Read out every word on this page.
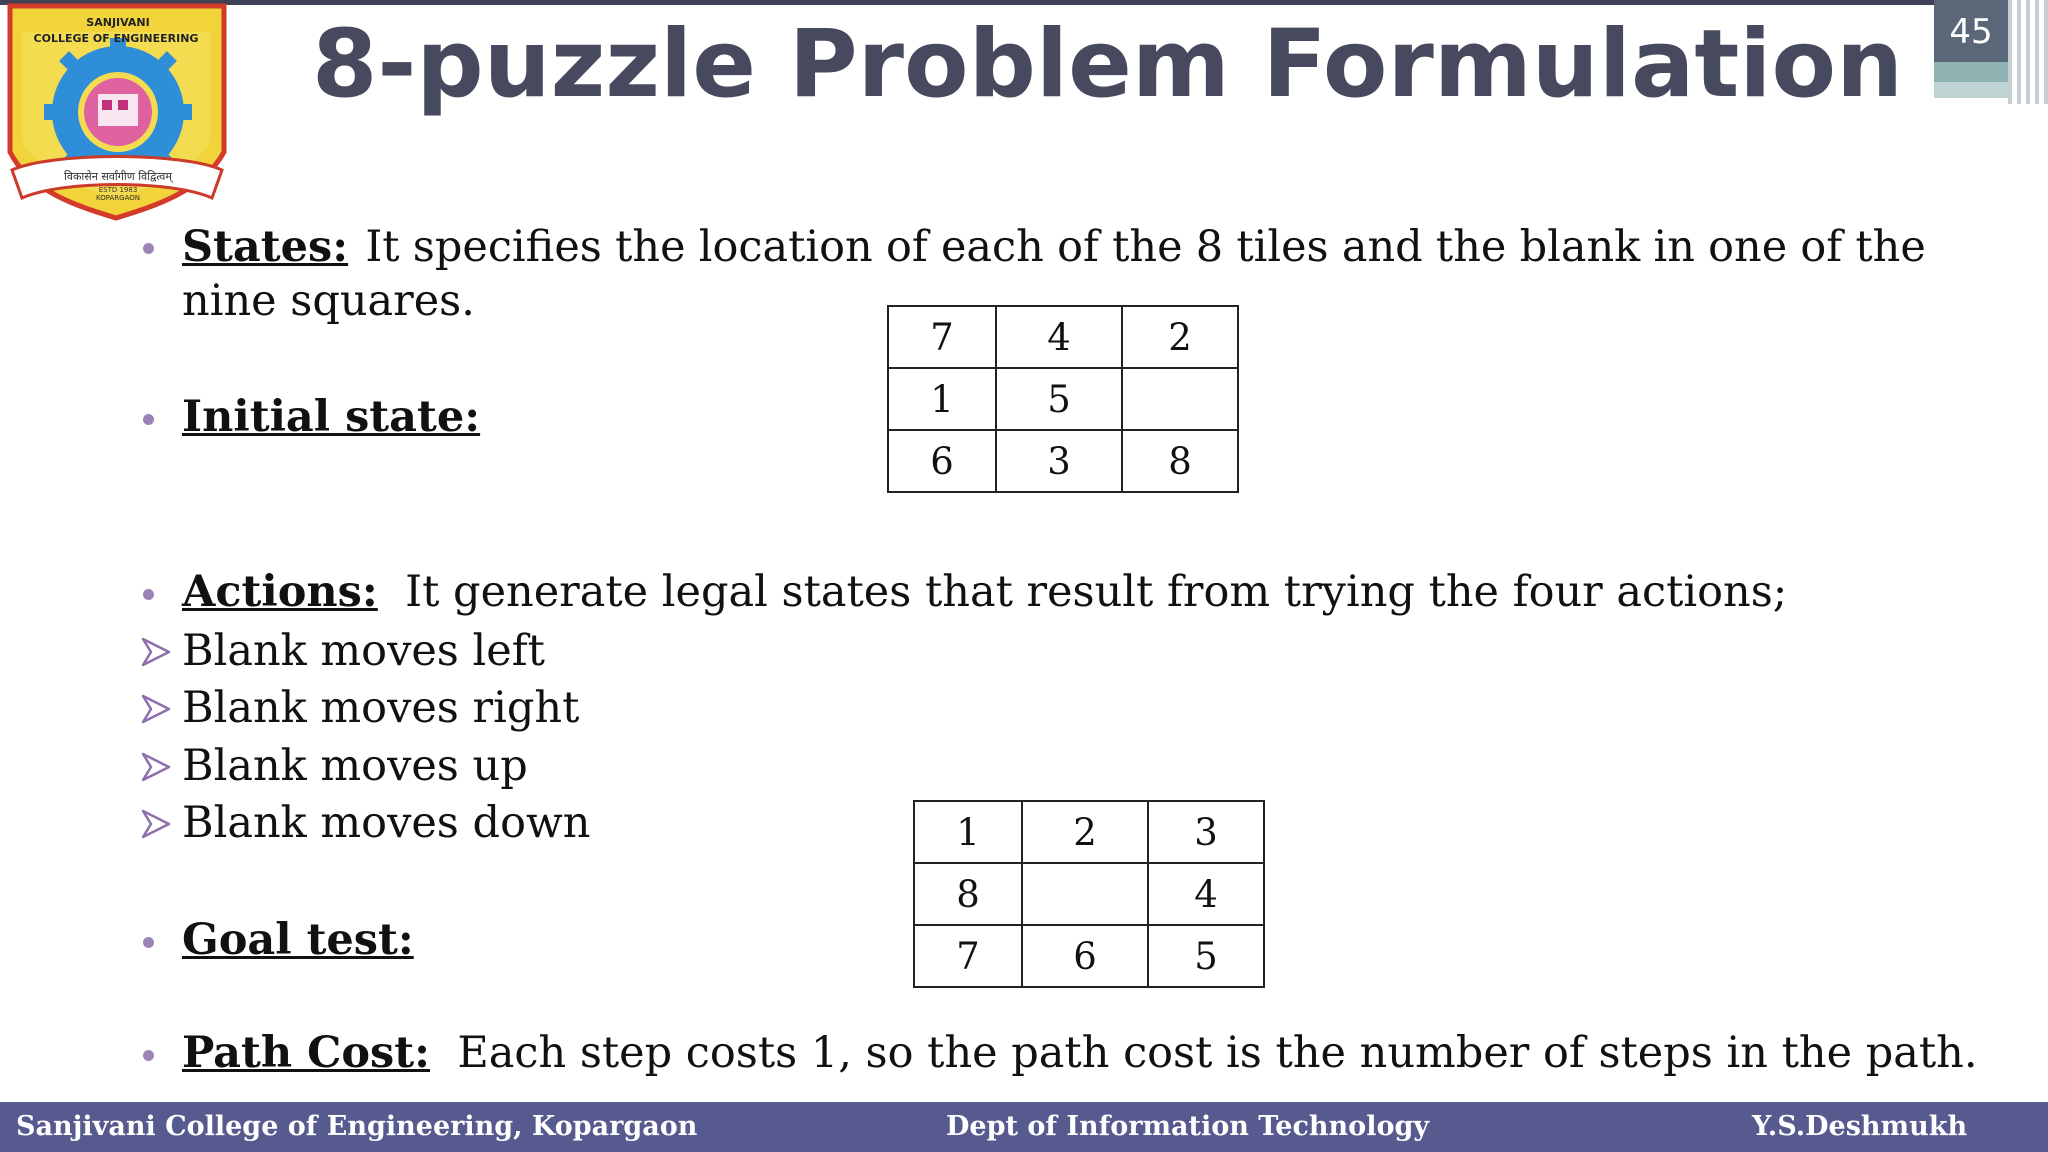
SANJIVANI
COLLEGE OF ENGINEERING
विकासेन सर्वांगीण विद्वित्वम्
ESTD 1983
KOPARGAON
8-puzzle Problem Formulation	45
States: It specifies the location of each of the 8 tiles and the blank in one of the
nine squares.
Initial state:
7	4	2
1	5	
6	3	8
Actions: It generate legal states that result from trying the four actions;
Blank moves left
Blank moves right
Blank moves up
Blank moves down
Goal test:
1	2	3
8		4
7	6	5
Path Cost: Each step costs 1, so the path cost is the number of steps in the path.
Sanjivani College of Engineering, Kopargaon	Dept of Information Technology	Y.S.Deshmukh
